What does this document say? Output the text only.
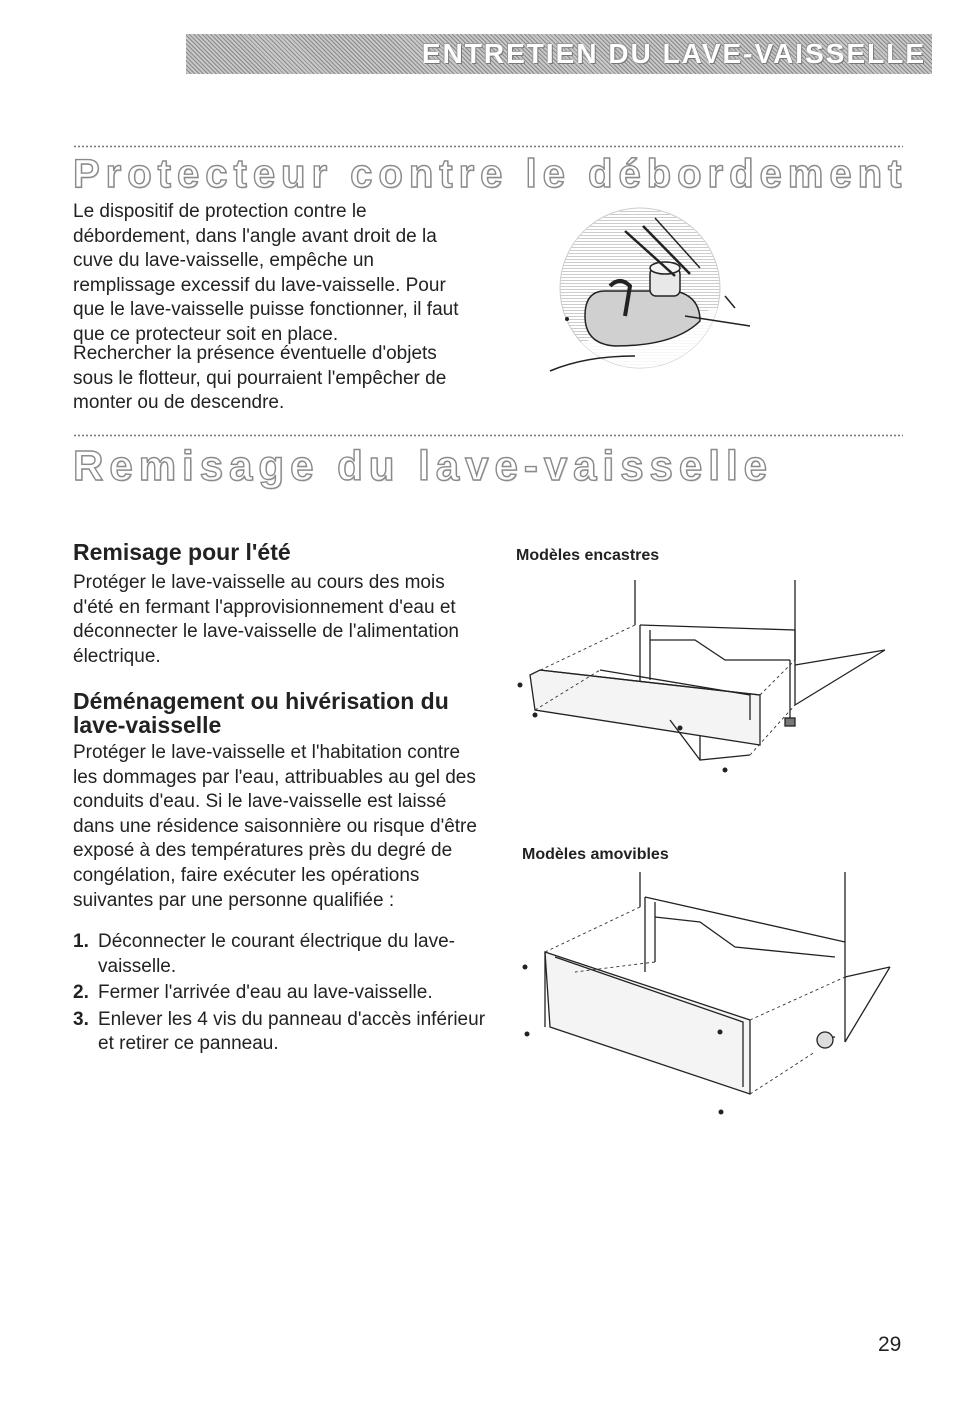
ENTRETIEN DU LAVE-VAISSELLE
Protecteur contre le débordement

Le dispositif de protection contre le débordement, dans l'angle avant droit de la cuve du lave-vaisselle, empêche un remplissage excessif du lave-vaisselle. Pour que le lave-vaisselle puisse fonctionner, il faut que ce protecteur soit en place.

Rechercher la présence éventuelle d'objets sous le flotteur, qui pourraient l'empêcher de monter ou de descendre.

Remisage du lave-vaisselle
Remisage pour l'été

Protéger le lave-vaisselle au cours des mois d'été en fermant l'approvisionnement d'eau et déconnecter le lave-vaisselle de l'alimentation électrique.

Déménagement ou hivérisation du lave-vaisselle

Protéger le lave-vaisselle et l'habitation contre les dommages par l'eau, attribuables au gel des conduits d'eau. Si le lave-vaisselle est laissé dans une résidence saisonnière ou risque d'être exposé à des températures près du degré de congélation, faire exécuter les opérations suivantes par une personne qualifiée :

1. Déconnecter le courant électrique du lave-vaisselle.
2. Fermer l'arrivée d'eau au lave-vaisselle.
3. Enlever les 4 vis du panneau d'accès inférieur et retirer ce panneau.
Modèles encastres
Modèles amovibles
29
